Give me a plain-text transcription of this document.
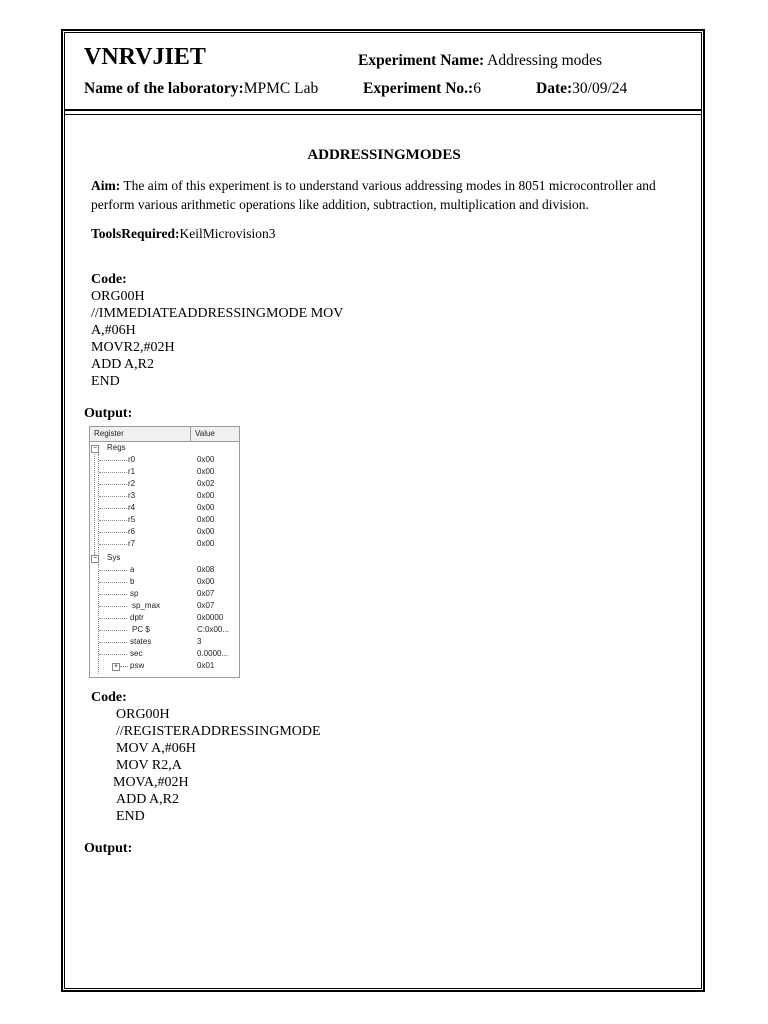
VNRVJIET	Experiment Name: Addressing modes
Name of the laboratory:MPMC Lab	Experiment No.:6	Date:30/09/24
ADDRESSINGMODES
Aim: The aim of this experiment is to understand various addressing modes in 8051 microcontroller and perform various arithmetic operations like addition, subtraction, multiplication and division.
ToolsRequired:KeilMicrovision3
Code:
ORG00H
//IMMEDIATEADDRESSINGMODE MOV
A,#06H
MOVR2,#02H
ADD A,R2
END
Output:
Register	Value
− Regs
r0	0x00
r1	0x00
r2	0x02
r3	0x00
r4	0x00
r5	0x00
r6	0x00
r7	0x00
− Sys
a	0x08
b	0x00
sp	0x07
sp_max	0x07
dptr	0x0000
PC $	C:0x00...
states	3
sec	0.0000...
+ psw	0x01
Code:
ORG00H
//REGISTERADDRESSINGMODE
MOV A,#06H
MOV R2,A
MOVA,#02H
ADD A,R2
END
Output:
